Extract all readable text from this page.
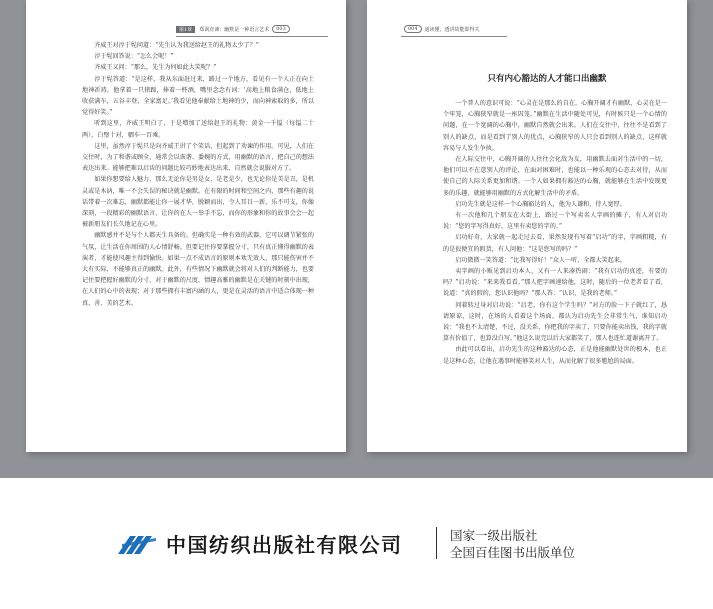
第1章	郑讽直谏：幽默是一种语言艺术	003

齐威王对淳于髡问道：“先生认为我送给赵王的礼物太少了？”

淳于髡回答说：“怎么会呢！”

齐威王又问：“那么，先生为何如此大笑呢？”

淳于髡答道：“是这样，我从东面赶过来，路过一个地方，看见有一个人正在向土地神祈祷。他拿着一只猪蹄，捧着一杯酒，嘴里念念有词：‘高地上粮食满仓，低地上收获满车，五谷丰登，全家富足。’我看见他奉献给土地神的少，而向神索取的多，所以觉得好笑。”

听到这里，齐威王明白了，于是增加了送给赵王的礼物：黄金一千镒（每镒二十两），白璧十对，驷车一百乘。

这里，虽然淳于髡只是向齐威王讲了个笑话，但起到了劝谏的作用。可见，人们在交往时，为了和谐或顾全，通常会以诙谐、委婉的方式，用幽默的语言，把自己的想法表达出来。能够把难以启齿的问题比较巧妙地表达出来，自然就会说服对方了。

如果你想要给人魅力，那么无论你是男是女，是老是少，也无论你是美是丑，是机灵或是木讷，唯一不会失误的秘诀就是幽默。在有限的时间和空间之内，那些有趣的说话带着一次难忘，幽默都能让你一展才华，脱颖而出，令人耳目一新，乐不可支，你像深刻，一段精彩的幽默语言，让你的在人一举手不忘，而你的形象和你的故事会会一起被新朋友们长久地记在心里。

幽默感并不是与个人都天生具备的。但确实是一种有效的武器，它可以调节紧张的气氛，让生活在你周围的人心情舒畅。但要记住你要掌握分寸，只有真正懂得幽默的表演者，才能使风趣主得到愉快。如果一点不成语言的原则本欢无效人，那只能伤害并不大有实际，不能够真正的幽默。此外，有些情况下幽默就会将对人们的判断能力，也要记住要把握好幽默的分寸，对于幽默的尺度，情趣高雅的幽默是在关键的时刻中出现，在人们的心中的表现；对于那些拥有丰富内涵的人，更是在灵活的语言中适合体现一种真、善、美的艺术。

004	通读懂，透讲故能即得关
只有内心豁达的人才能口出幽默

一个普人的意识可说：“心灵在是那么的自在，心胸开阔才有幽默，心灵在是一个牢笼，心胸狭窄就是一座囚笼。”幽默在生活中随处可见，有时候只是一个心情的问题，在一个宽阔的心胸中，幽默自然就会出来。人们在交往中，往往不是看到了别人的缺点，而是看到了别人的优点，心胸狭窄的人只会看到别人的缺点，这样就容易与人发生争执。

在人际交往中，心胸开阔的人往往会化敌为友，用幽默去面对生活中的一切，他们可以不在意别人的评论，在面对困难时，也能以一种乐观的心态去对待，从而使自己的人际关系更加和谐。一个人如果拥有豁达的心胸，就能够在生活中发现更多的乐趣，就能够用幽默的方式化解生活中的矛盾。

启功先生就是这样一个心胸豁达的人，他为人谦和，待人宽厚。

有一次他和几个朋友在大街上，路过一个写卖名人字画的摊子，有人对启功说：“您的字写得真好，这里有卖您的字的。”

启功好奇，大家就一起走过去看，果然发现有写着“启功”的字，字画粗糙，有的是很便宜的假货，有人问他：“这是您写的吗？”

启功微微一笑答道：“比我写得好！”众人一听，全都大笑起来。

卖字画的小贩见到启功本人，又有一人来凑热闹：“我有启功的真迹，有要的吗？”启功说：“来来我看看。”那人把字画递给他，这时，随后的一位老者看了看，说道：“真的假的，您认识他吗？”那人答：“认识，是我的老师。”

问着转过身对启功说：“启老，你有这个学生吗？”对方的脸一下子就红了，恳请原谅，这时，在场的人看着这个场面，都认为启功先生会非常生气，谁知启功说：“我也不太清楚，不过，没关系，你把我的字卖了，只要你能卖出钱，我的字就算有价值了，也算没白写。”他这么说完以后大家都笑了，那人也连忙道谢离开了。

由此可以看出，启功先生的这种豁达的心态，正是他能幽默处世的根本，也正是这种心态，让他在遇事时能够笑对人生，从而化解了很多尴尬的局面。

中国纺织出版社有限公司	国家一级出版社
全国百佳图书出版单位
